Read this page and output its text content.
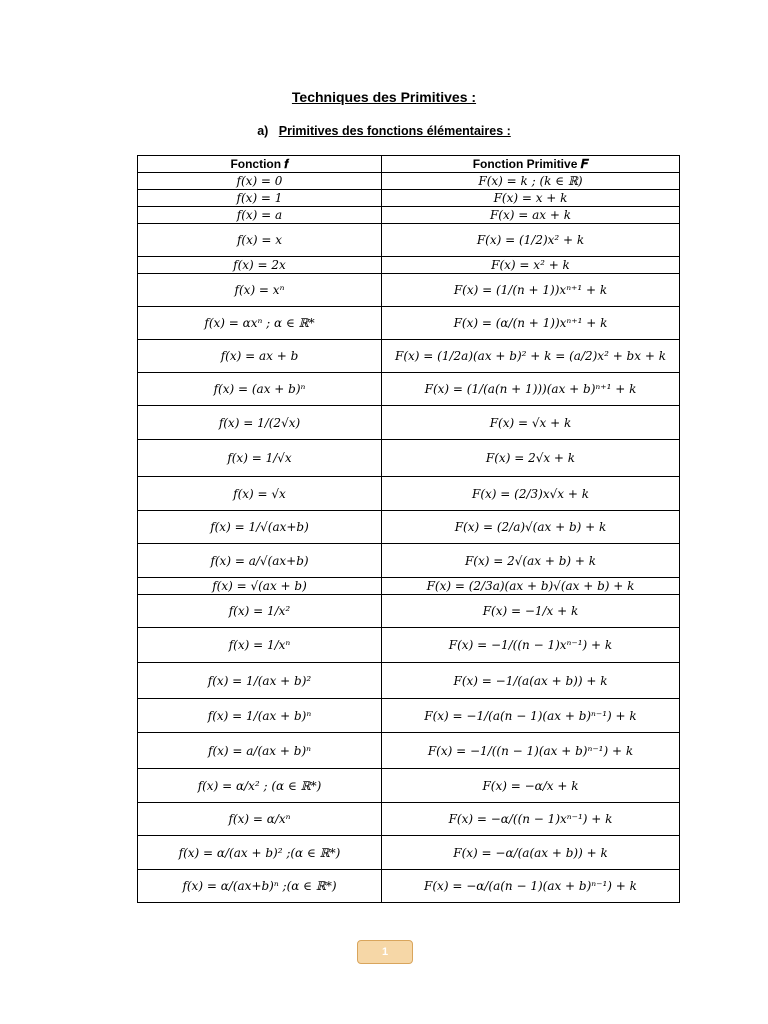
Techniques des Primitives :
a) Primitives des fonctions élémentaires :
Fonction 𝒇	Fonction Primitive 𝑭
f(x) = 0	F(x) = k ; (k ∈ ℝ)
f(x) = 1	F(x) = x + k
f(x) = a	F(x) = ax + k
f(x) = x	F(x) = (1/2)x² + k
f(x) = 2x	F(x) = x² + k
f(x) = xⁿ	F(x) = (1/(n + 1))xⁿ⁺¹ + k
f(x) = αxⁿ ; α ∈ ℝ*	F(x) = (α/(n + 1))xⁿ⁺¹ + k
f(x) = ax + b	F(x) = (1/2a)(ax + b)² + k = (a/2)x² + bx + k
f(x) = (ax + b)ⁿ	F(x) = (1/(a(n + 1)))(ax + b)ⁿ⁺¹ + k
f(x) = 1/(2√x)	F(x) = √x + k
f(x) = 1/√x	F(x) = 2√x + k
f(x) = √x	F(x) = (2/3)x√x + k
f(x) = 1/√(ax+b)	F(x) = (2/a)√(ax + b) + k
f(x) = a/√(ax+b)	F(x) = 2√(ax + b) + k
f(x) = √(ax + b)	F(x) = (2/3a)(ax + b)√(ax + b) + k
f(x) = 1/x²	F(x) = −1/x + k
f(x) = 1/xⁿ	F(x) = −1/((n − 1)xⁿ⁻¹) + k
f(x) = 1/(ax + b)²	F(x) = −1/(a(ax + b)) + k
f(x) = 1/(ax + b)ⁿ	F(x) = −1/(a(n − 1)(ax + b)ⁿ⁻¹) + k
f(x) = a/(ax + b)ⁿ	F(x) = −1/((n − 1)(ax + b)ⁿ⁻¹) + k
f(x) = α/x² ; (α ∈ ℝ*)	F(x) = −α/x + k
f(x) = α/xⁿ	F(x) = −α/((n − 1)xⁿ⁻¹) + k
f(x) = α/(ax + b)² ;(α ∈ ℝ*)	F(x) = −α/(a(ax + b)) + k
f(x) = α/(ax+b)ⁿ ;(α ∈ ℝ*)	F(x) = −α/(a(n − 1)(ax + b)ⁿ⁻¹) + k
1
